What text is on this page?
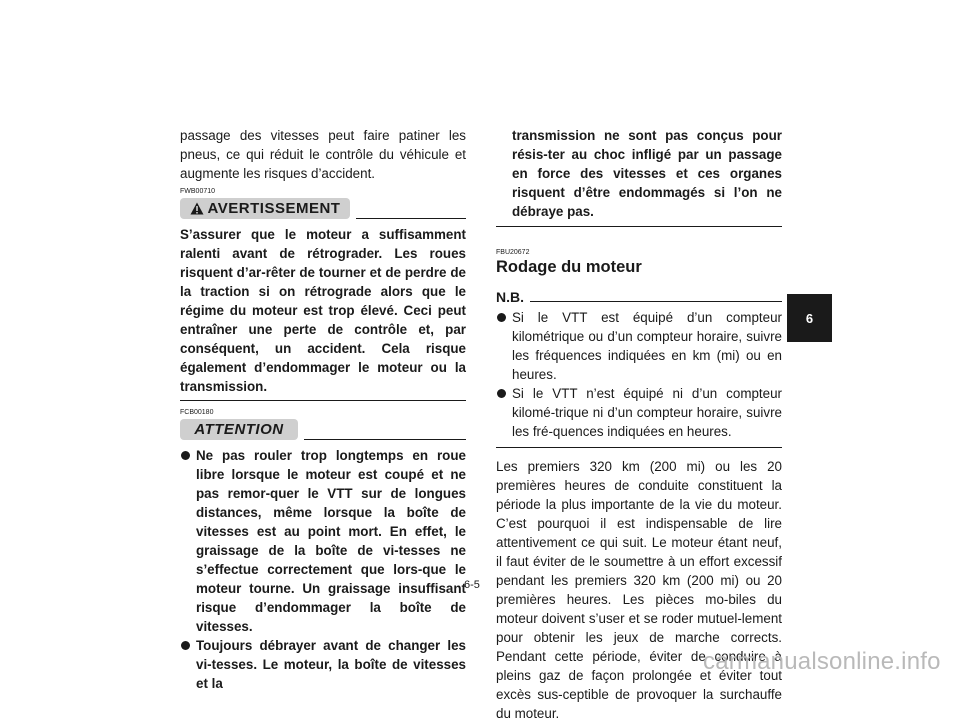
passage des vitesses peut faire patiner les pneus, ce qui réduit le contrôle du véhicule et augmente les risques d’accident.

FWB00710

AVERTISSEMENT

S’assurer que le moteur a suffisamment ralenti avant de rétrograder. Les roues risquent d’ar-rêter de tourner et de perdre de la traction si on rétrograde alors que le régime du moteur est trop élevé. Ceci peut entraîner une perte de contrôle et, par conséquent, un accident. Cela risque également d’endommager le moteur ou la transmission.

FCB00180

ATTENTION
Ne pas rouler trop longtemps en roue libre lorsque le moteur est coupé et ne pas remor-quer le VTT sur de longues distances, même lorsque la boîte de vitesses est au point mort. En effet, le graissage de la boîte de vi-tesses ne s’effectue correctement que lors-que le moteur tourne. Un graissage insuffisant risque d’endommager la boîte de vitesses.
Toujours débrayer avant de changer les vi-tesses. Le moteur, la boîte de vitesses et la

transmission ne sont pas conçus pour résis-ter au choc infligé par un passage en force des vitesses et ces organes risquent d’être endommagés si l’on ne débraye pas.

FBU20672

Rodage du moteur
N.B.
Si le VTT est équipé d’un compteur kilométrique ou d’un compteur horaire, suivre les fréquences indiquées en km (mi) ou en heures.
Si le VTT n’est équipé ni d’un compteur kilomé-trique ni d’un compteur horaire, suivre les fré-quences indiquées en heures.

Les premiers 320 km (200 mi) ou les 20 premières heures de conduite constituent la période la plus importante de la vie du moteur. C’est pourquoi il est indispensable de lire attentivement ce qui suit. Le moteur étant neuf, il faut éviter de le soumettre à un effort excessif pendant les premiers 320 km (200 mi) ou 20 premières heures. Les pièces mo-biles du moteur doivent s’user et se roder mutuel-lement pour obtenir les jeux de marche corrects. Pendant cette période, éviter de conduire à pleins gaz de façon prolongée et éviter tout excès sus-ceptible de provoquer la surchauffe du moteur.

6-5
6
carmanualsonline.info
